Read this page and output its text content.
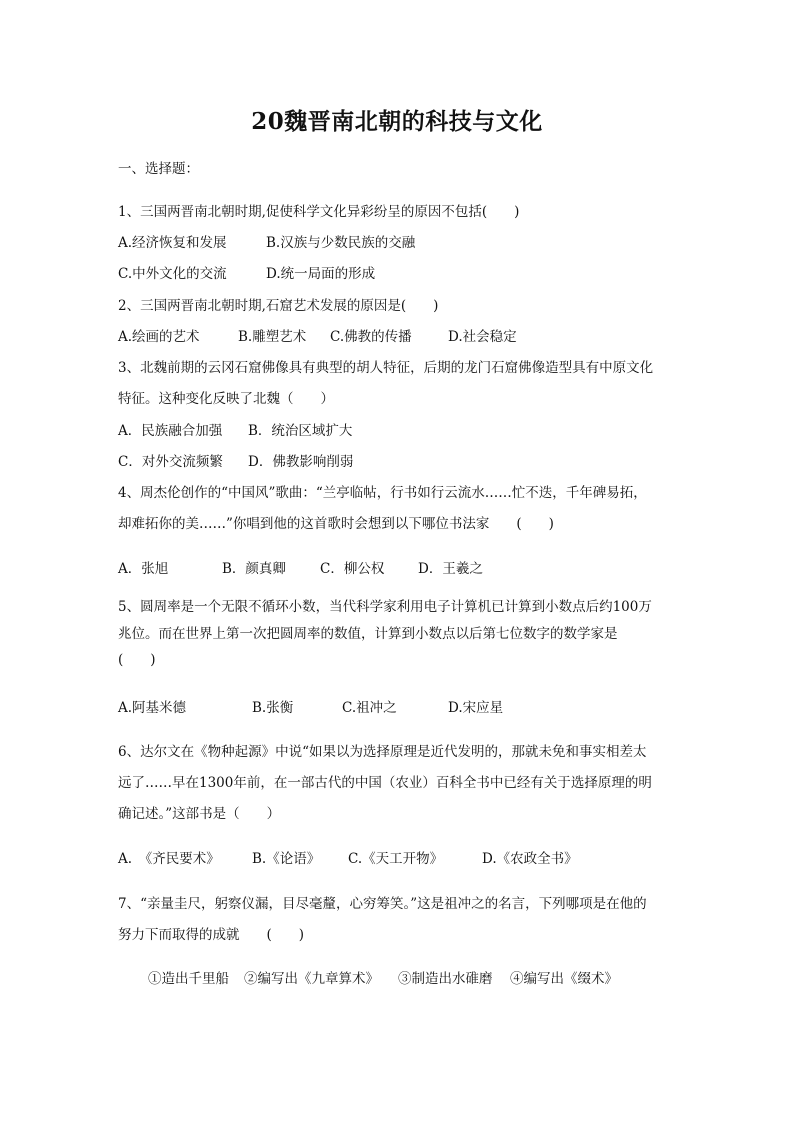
20魏晋南北朝的科技与文化
一、选择题：
1、三国两晋南北朝时期,促使科学文化异彩纷呈的原因不包括(　　)
A.经济恢复和发展	B.汉族与少数民族的交融
C.中外文化的交流	D.统一局面的形成
2、三国两晋南北朝时期,石窟艺术发展的原因是(　　)
A.绘画的艺术	B.雕塑艺术 C.佛教的传播	D.社会稳定
3、北魏前期的云冈石窟佛像具有典型的胡人特征，后期的龙门石窟佛像造型具有中原文化
特征。这种变化反映了北魏（　　）
A．民族融合加强 B．统治区域扩大
C．对外交流频繁 D．佛教影响削弱
4、周杰伦创作的“中国风”歌曲：“兰亭临帖，行书如行云流水……忙不迭，千年碑易拓，
却难拓你的美……”你唱到他的这首歌时会想到以下哪位书法家　　(　　)
A．张旭	B．颜真卿	C．柳公权 D．王羲之
5、圆周率是一个无限不循环小数，当代科学家利用电子计算机已计算到小数点后约100万
兆位。而在世界上第一次把圆周率的数值，计算到小数点以后第七位数字的数学家是
(　　)
A.阿基米德	B.张衡	C.祖冲之	D.宋应星
6、达尔文在《物种起源》中说“如果以为选择原理是近代发明的，那就未免和事实相差太
远了……早在1300年前，在一部古代的中国（农业）百科全书中已经有关于选择原理的明
确记述。”这部书是（　　）
A.　《齐民要术》 B.《论语》 C.《天工开物》	D.《农政全书》
7、“亲量圭尺，躬察仪漏，目尽毫釐，心穷筹笑。”这是祖冲之的名言，下列哪项是在他的
努力下而取得的成就　　(　　)
①造出千里船 ②编写出《九章算术》 ③制造出水碓磨 ④编写出《缀术》
